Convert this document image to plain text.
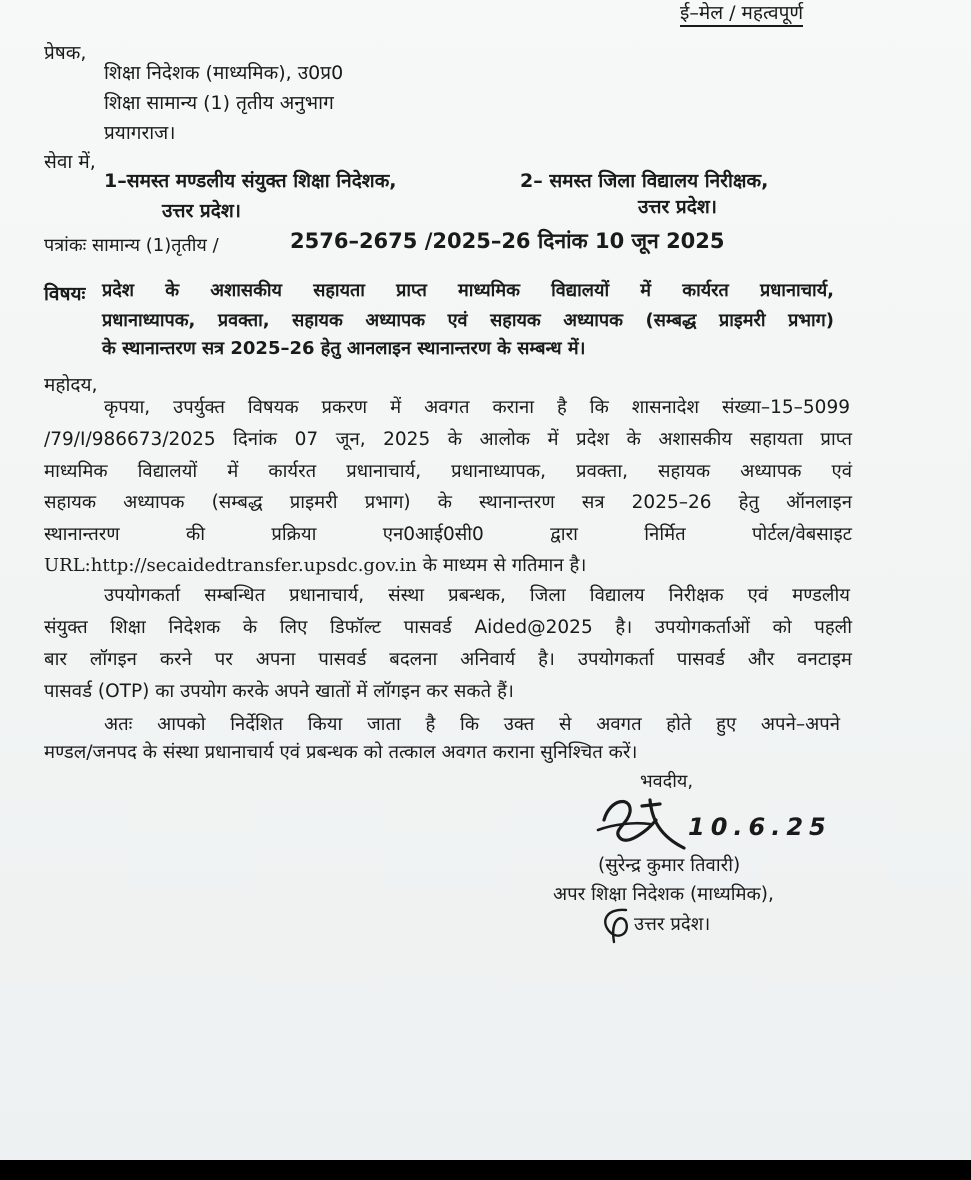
ई–मेल / महत्वपूर्ण
प्रेषक,
शिक्षा निदेशक (माध्यमिक), उ0प्र0
शिक्षा सामान्य (1) तृतीय अनुभाग
प्रयागराज।
सेवा में,
1–समस्त मण्डलीय संयुक्त शिक्षा निदेशक,
उत्तर प्रदेश।
2– समस्त जिला विद्यालय निरीक्षक,
उत्तर प्रदेश।
पत्रांकः सामान्य (1)तृतीय /	2576–2675 /2025–26 दिनांक 10 जून 2025
विषयः प्रदेश के अशासकीय सहायता प्राप्त माध्यमिक विद्यालयों में कार्यरत प्रधानाचार्य,
प्रधानाध्यापक, प्रवक्ता, सहायक अध्यापक एवं सहायक अध्यापक (सम्बद्ध प्राइमरी प्रभाग)
के स्थानान्तरण सत्र 2025–26 हेतु आनलाइन स्थानान्तरण के सम्बन्ध में।
महोदय,
कृपया, उपर्युक्त विषयक प्रकरण में अवगत कराना है कि शासनादेश संख्या–15–5099
/79/I/986673/2025 दिनांक 07 जून, 2025 के आलोक में प्रदेश के अशासकीय सहायता प्राप्त
माध्यमिक विद्यालयों में कार्यरत प्रधानाचार्य, प्रधानाध्यापक, प्रवक्ता, सहायक अध्यापक एवं
सहायक अध्यापक (सम्बद्ध प्राइमरी प्रभाग) के स्थानान्तरण सत्र 2025–26 हेतु ऑनलाइन
स्थानान्तरण की प्रक्रिया एन0आई0सी0 द्वारा निर्मित पोर्टल/वेबसाइट
URL:http://secaidedtransfer.upsdc.gov.in के माध्यम से गतिमान है।
उपयोगकर्ता सम्बन्धित प्रधानाचार्य, संस्था प्रबन्धक, जिला विद्यालय निरीक्षक एवं मण्डलीय
संयुक्त शिक्षा निदेशक के लिए डिफॉल्ट पासवर्ड Aided@2025 है। उपयोगकर्ताओं को पहली
बार लॉगइन करने पर अपना पासवर्ड बदलना अनिवार्य है। उपयोगकर्ता पासवर्ड और वनटाइम
पासवर्ड (OTP) का उपयोग करके अपने खातों में लॉगइन कर सकते हैं।
अतः आपको निर्देशित किया जाता है कि उक्त से अवगत होते हुए अपने–अपने
मण्डल/जनपद के संस्था प्रधानाचार्य एवं प्रबन्धक को तत्काल अवगत कराना सुनिश्चित करें।
भवदीय,
10.6.25
(सुरेन्द्र कुमार तिवारी)
अपर शिक्षा निदेशक (माध्यमिक),
उत्तर प्रदेश।
